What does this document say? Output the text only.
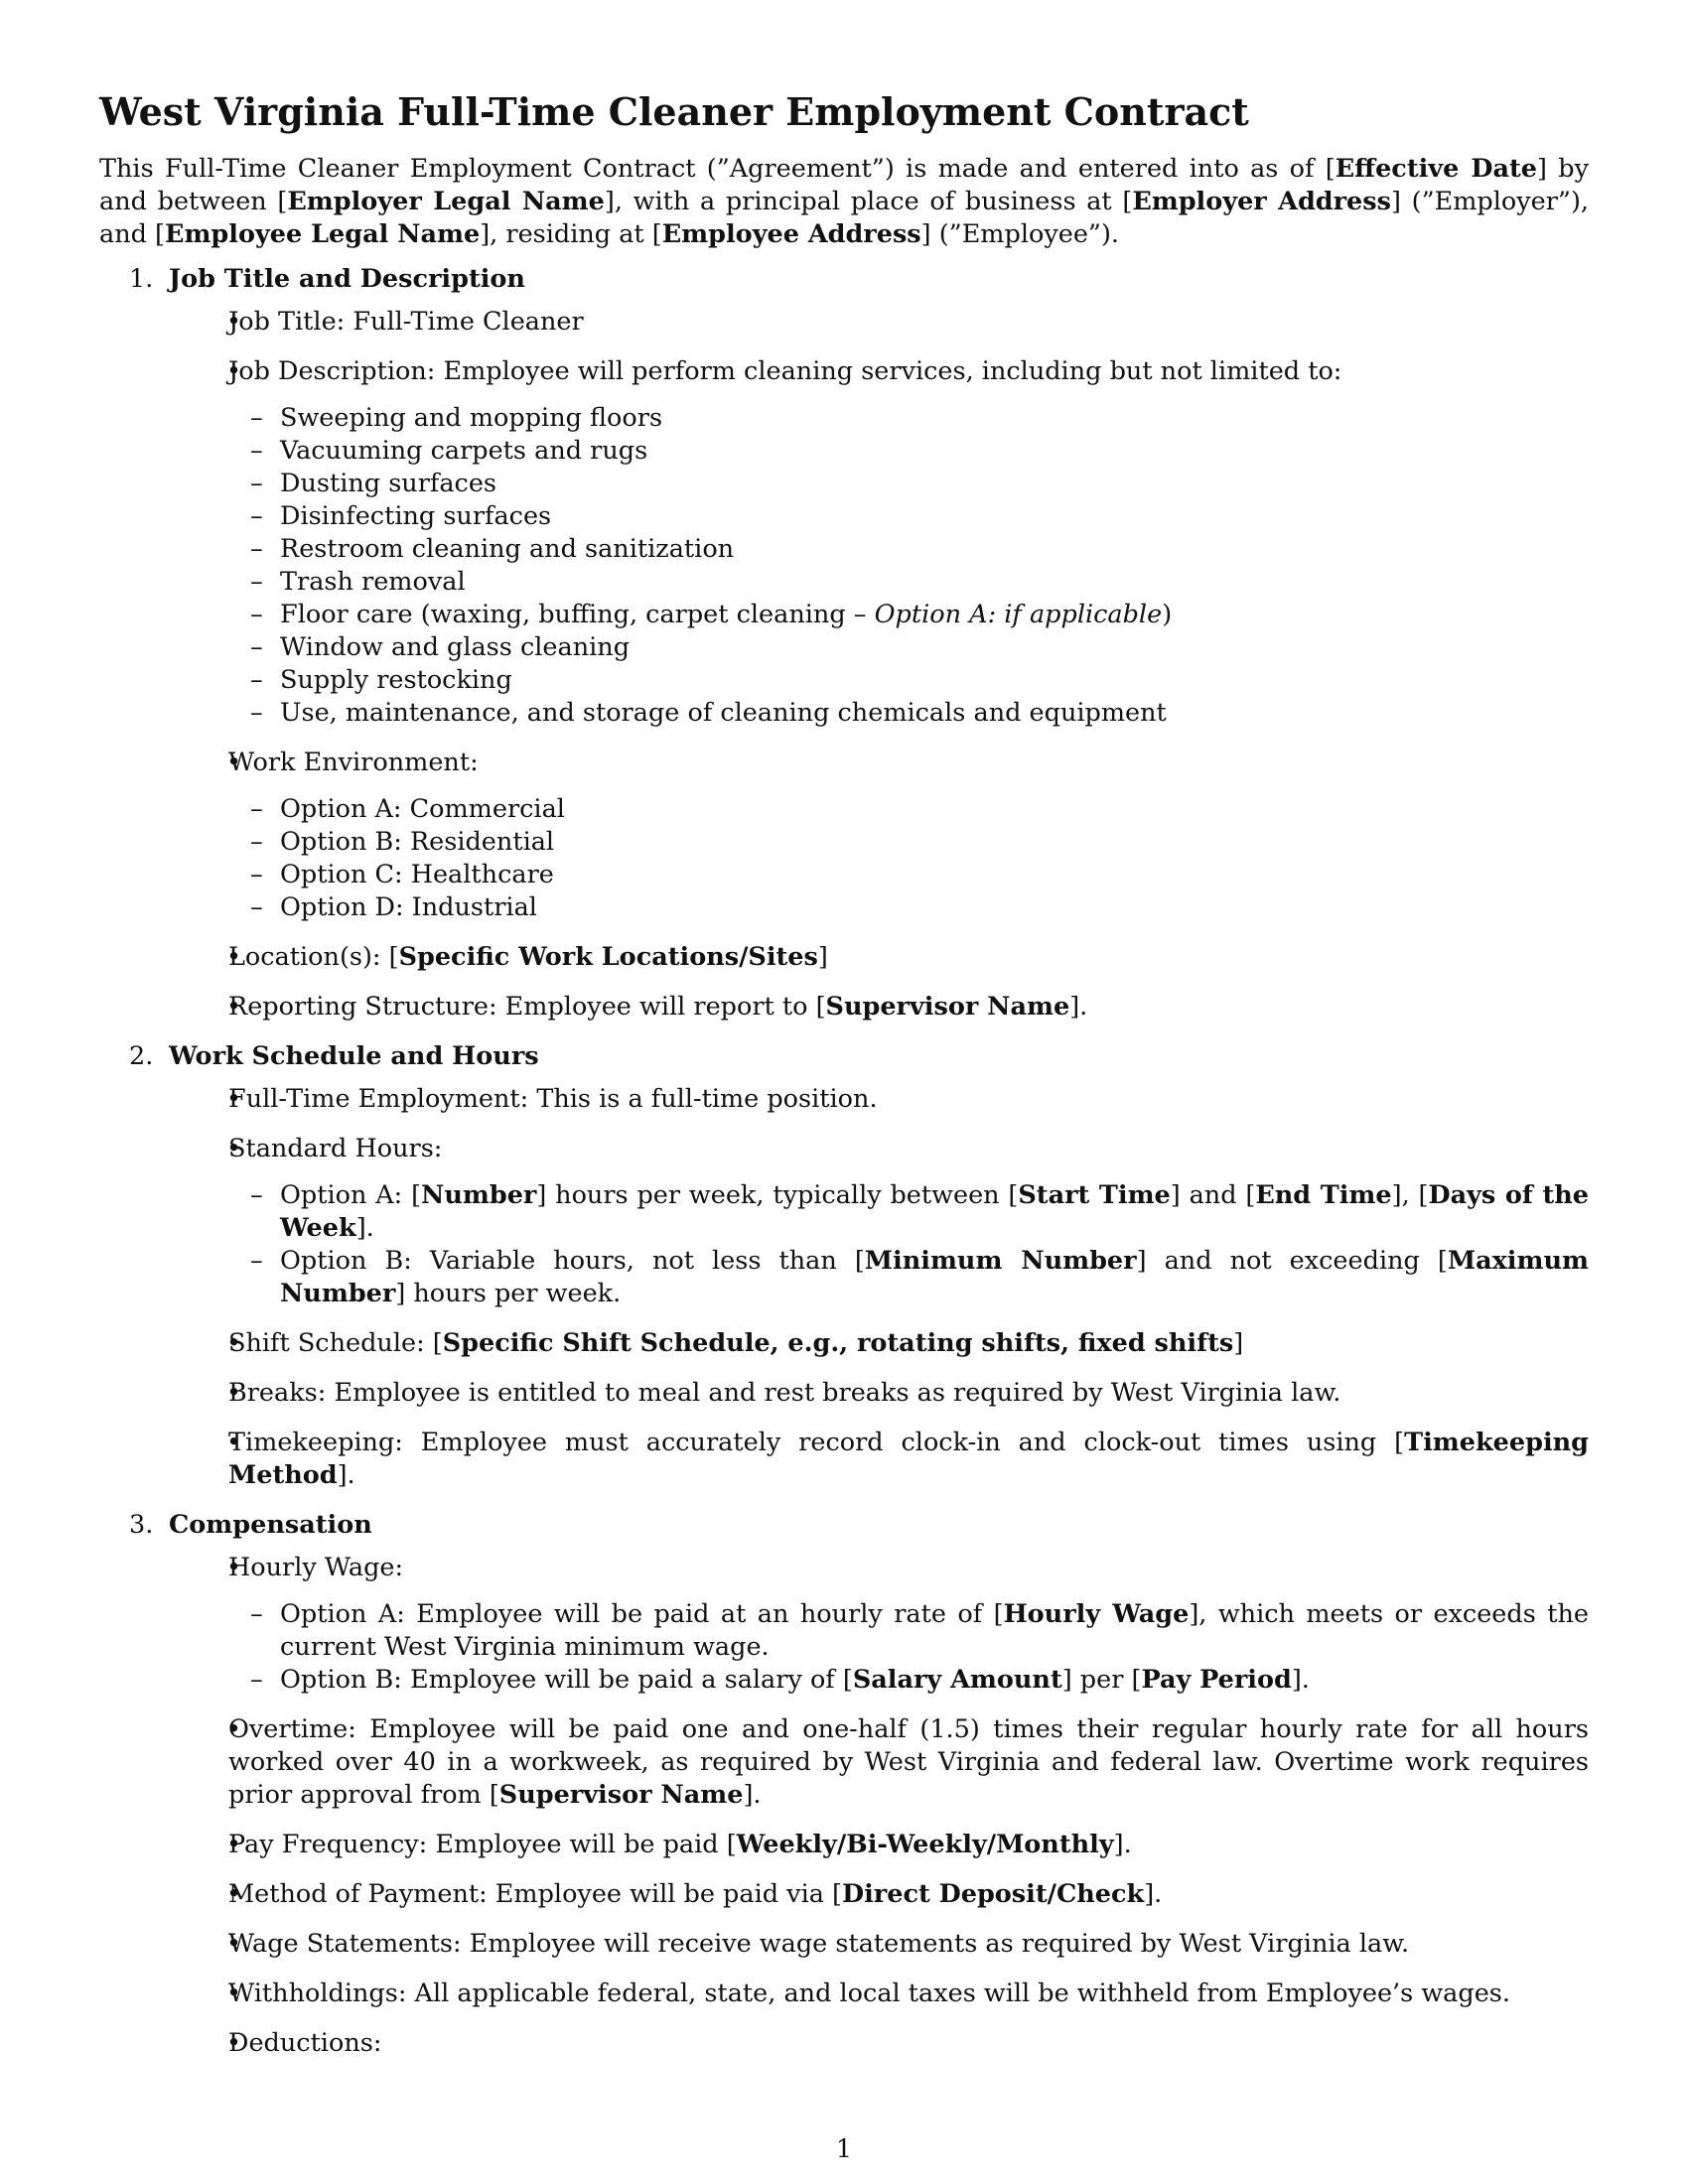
West Virginia Full-Time Cleaner Employment Contract

This Full-Time Cleaner Employment Contract (”Agreement”) is made and entered into as of [Effective Date] by and between [Employer Legal Name], with a principal place of business at [Employer Address] (”Employer”), and [Employee Legal Name], residing at [Employee Address] (”Employee”).

1. Job Title and Description
• Job Title: Full-Time Cleaner
• Job Description: Employee will perform cleaning services, including but not limited to:
– Sweeping and mopping floors
– Vacuuming carpets and rugs
– Dusting surfaces
– Disinfecting surfaces
– Restroom cleaning and sanitization
– Trash removal
– Floor care (waxing, buffing, carpet cleaning – Option A: if applicable)
– Window and glass cleaning
– Supply restocking
– Use, maintenance, and storage of cleaning chemicals and equipment
• Work Environment:
– Option A: Commercial
– Option B: Residential
– Option C: Healthcare
– Option D: Industrial
• Location(s): [Specific Work Locations/Sites]
• Reporting Structure: Employee will report to [Supervisor Name].
2. Work Schedule and Hours
• Full-Time Employment: This is a full-time position.
• Standard Hours:
– Option A: [Number] hours per week, typically between [Start Time] and [End Time], [Days of the Week].
– Option B: Variable hours, not less than [Minimum Number] and not exceeding [Maximum Number] hours per week.
• Shift Schedule: [Specific Shift Schedule, e.g., rotating shifts, fixed shifts]
• Breaks: Employee is entitled to meal and rest breaks as required by West Virginia law.
• Timekeeping: Employee must accurately record clock-in and clock-out times using [Timekeeping Method].
3. Compensation
• Hourly Wage:
– Option A: Employee will be paid at an hourly rate of [Hourly Wage], which meets or exceeds the current West Virginia minimum wage.
– Option B: Employee will be paid a salary of [Salary Amount] per [Pay Period].
• Overtime: Employee will be paid one and one-half (1.5) times their regular hourly rate for all hours worked over 40 in a workweek, as required by West Virginia and federal law. Overtime work requires prior approval from [Supervisor Name].
• Pay Frequency: Employee will be paid [Weekly/Bi-Weekly/Monthly].
• Method of Payment: Employee will be paid via [Direct Deposit/Check].
• Wage Statements: Employee will receive wage statements as required by West Virginia law.
• Withholdings: All applicable federal, state, and local taxes will be withheld from Employee’s wages.
• Deductions:
1
